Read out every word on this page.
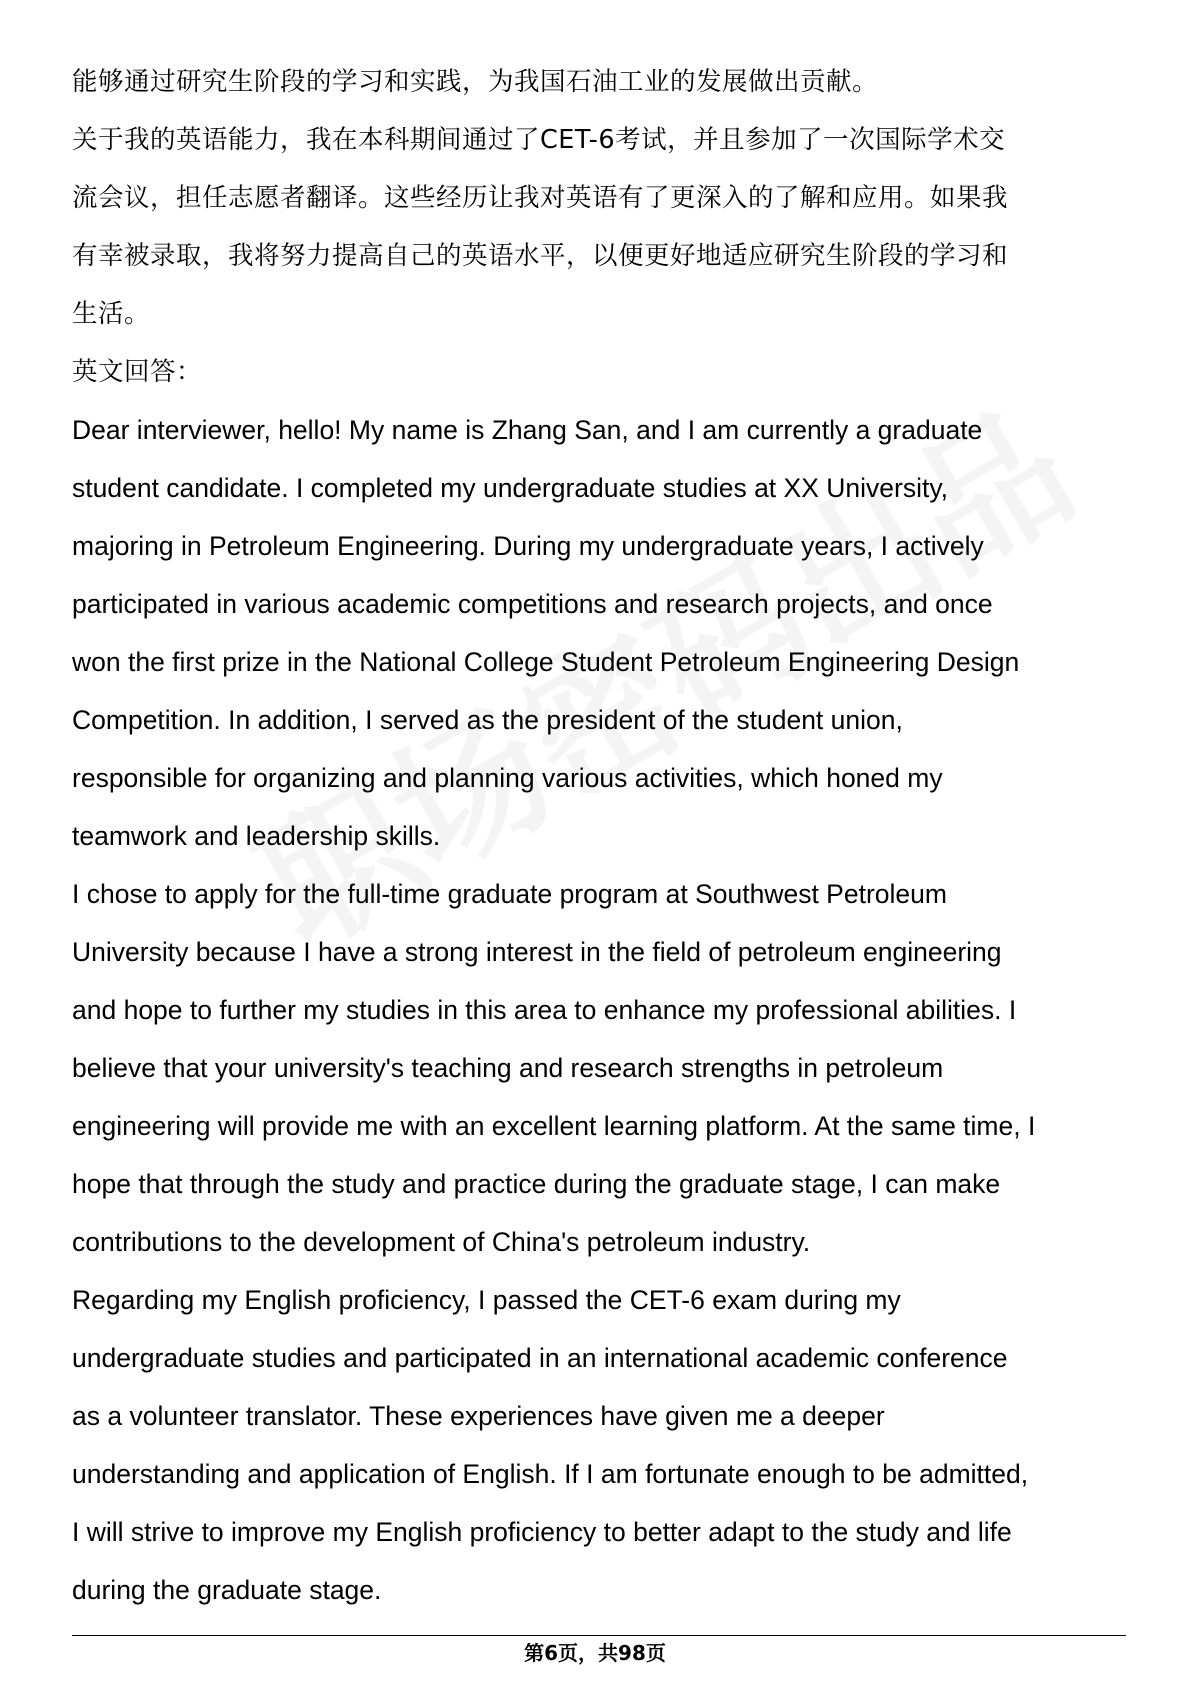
能够通过研究生阶段的学习和实践，为我国石油工业的发展做出贡献。
关于我的英语能力，我在本科期间通过了CET-6考试，并且参加了一次国际学术交
流会议，担任志愿者翻译。这些经历让我对英语有了更深入的了解和应用。如果我
有幸被录取，我将努力提高自己的英语水平，以便更好地适应研究生阶段的学习和
生活。
英文回答：
Dear interviewer, hello! My name is Zhang San, and I am currently a graduate
student candidate. I completed my undergraduate studies at XX University,
majoring in Petroleum Engineering. During my undergraduate years, I actively
participated in various academic competitions and research projects, and once
won the first prize in the National College Student Petroleum Engineering Design
Competition. In addition, I served as the president of the student union,
responsible for organizing and planning various activities, which honed my
teamwork and leadership skills.
I chose to apply for the full-time graduate program at Southwest Petroleum
University because I have a strong interest in the field of petroleum engineering
and hope to further my studies in this area to enhance my professional abilities. I
believe that your university's teaching and research strengths in petroleum
engineering will provide me with an excellent learning platform. At the same time, I
hope that through the study and practice during the graduate stage, I can make
contributions to the development of China's petroleum industry.
Regarding my English proficiency, I passed the CET-6 exam during my
undergraduate studies and participated in an international academic conference
as a volunteer translator. These experiences have given me a deeper
understanding and application of English. If I am fortunate enough to be admitted,
I will strive to improve my English proficiency to better adapt to the study and life
during the graduate stage.
第6页，共98页
